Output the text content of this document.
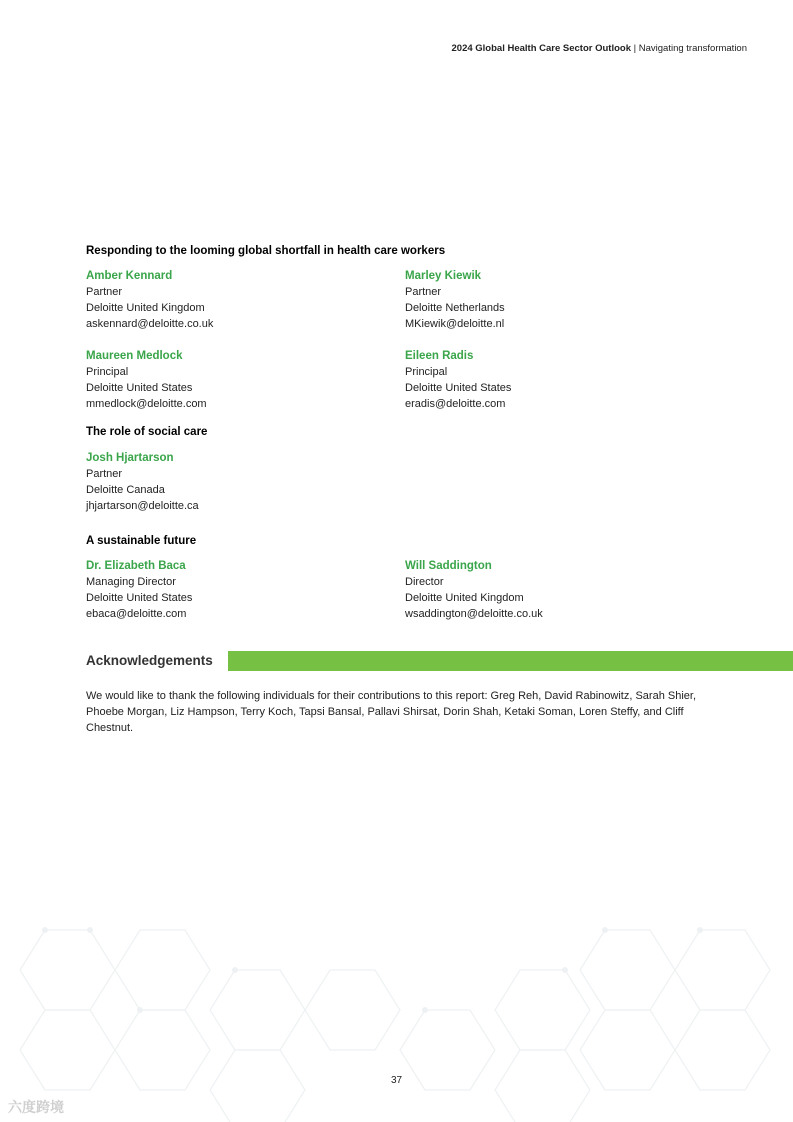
2024 Global Health Care Sector Outlook | Navigating transformation
Responding to the looming global shortfall in health care workers
Amber Kennard
Partner
Deloitte United Kingdom
askennard@deloitte.co.uk
Marley Kiewik
Partner
Deloitte Netherlands
MKiewik@deloitte.nl
Maureen Medlock
Principal
Deloitte United States
mmedlock@deloitte.com
Eileen Radis
Principal
Deloitte United States
eradis@deloitte.com
The role of social care
Josh Hjartarson
Partner
Deloitte Canada
jhjartarson@deloitte.ca
A sustainable future
Dr. Elizabeth Baca
Managing Director
Deloitte United States
ebaca@deloitte.com
Will Saddington
Director
Deloitte United Kingdom
wsaddington@deloitte.co.uk
Acknowledgements
We would like to thank the following individuals for their contributions to this report: Greg Reh, David Rabinowitz, Sarah Shier, Phoebe Morgan, Liz Hampson, Terry Koch, Tapsi Bansal, Pallavi Shirsat, Dorin Shah, Ketaki Soman, Loren Steffy, and Cliff Chestnut.
37
六度跨境
